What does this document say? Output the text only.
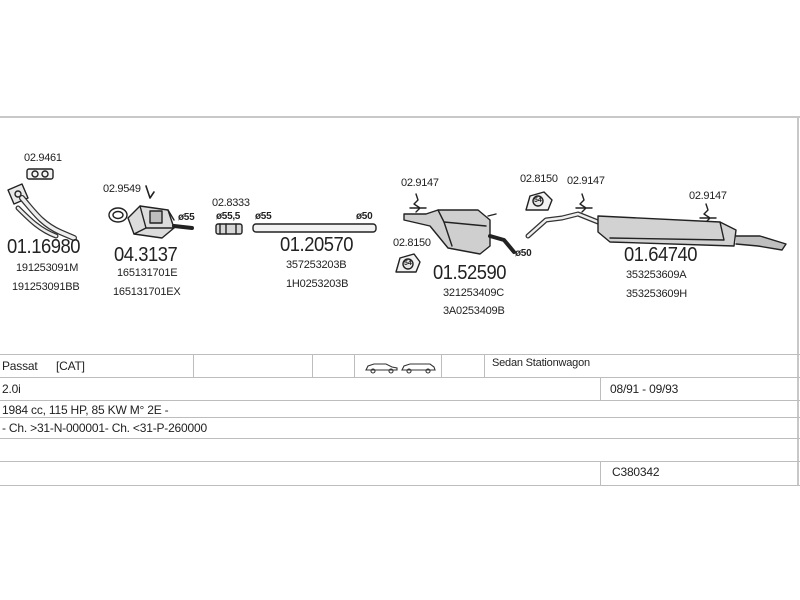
02.9461
01.16980
191253091M
191253091BB
02.9549
ø55
04.3137
165131701E
165131701EX
02.8333
ø55,5 ø55	ø50
01.20570
357253203B
1H0253203B
02.9147
02.8150
ø50
01.52590
321253409C
3A0253409B
02.8150 02.9147
02.9147
01.64740
353253609A
353253609H
54
54
Passat [CAT]	Sedan Stationwagon
2.0i	08/91 - 09/93
1984 cc, 115 HP, 85 KW M° 2E -
- Ch. >31-N-000001- Ch. <31-P-260000
C380342
